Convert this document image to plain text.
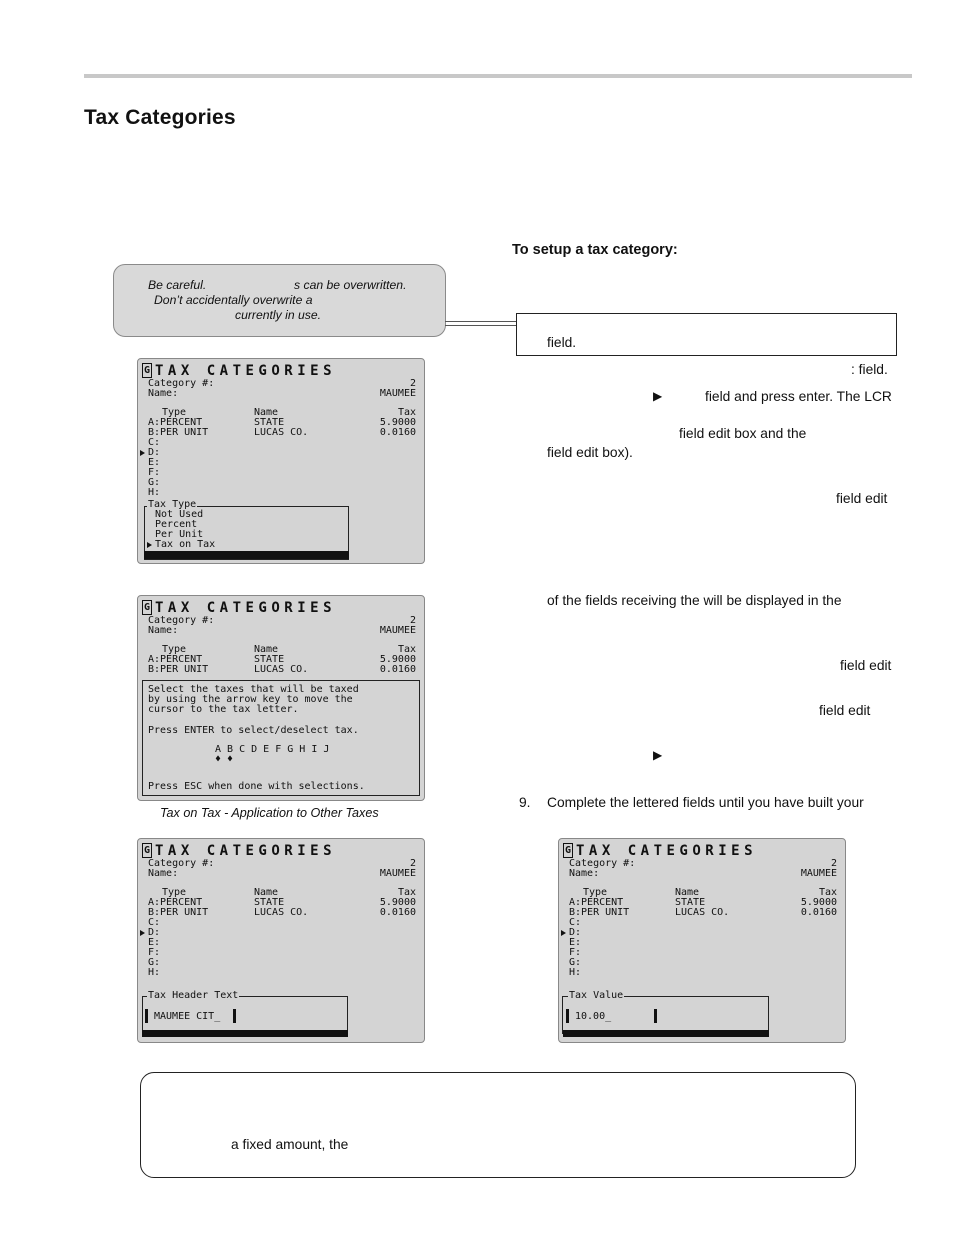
Tax Categories
To setup a tax category:
Be careful.	s can be overwritten.
Don’t accidentally overwrite a
currently in use.
field.
: field.
▶	field and press enter. The LCR
field edit box and the
field edit box).
field edit
of the fields receiving the will be displayed in the
field edit
field edit
▶
9. Complete the lettered fields until you have built your
G TAX CATEGORIES
Category #:	2
Name:	MAUMEE
Type	Name	Tax
A:PERCENT	STATE	5.9000
B:PER UNIT	LUCAS CO.	0.0160
C:
D:
E:
F:
G:
H:
Tax Type
Not Used
Percent
Per Unit
Tax on Tax
G TAX CATEGORIES
Category #:	2
Name:	MAUMEE
Type	Name	Tax
A:PERCENT	STATE	5.9000
B:PER UNIT	LUCAS CO.	0.0160
Select the taxes that will be taxed
by using the arrow key to move the
cursor to the tax letter.
Press ENTER to select/deselect tax.
A B C D E F G H I J
♦ ♦
Press ESC when done with selections.
Tax on Tax - Application to Other Taxes
G TAX CATEGORIES
Category #:	2
Name:	MAUMEE
Type	Name	Tax
A:PERCENT	STATE	5.9000
B:PER UNIT	LUCAS CO.	0.0160
C:
D:
E:
F:
G:
H:
Tax Header Text
MAUMEE CIT_
G TAX CATEGORIES
Category #:	2
Name:	MAUMEE
Type	Name	Tax
A:PERCENT	STATE	5.9000
B:PER UNIT	LUCAS CO.	0.0160
C:
D:
E:
F:
G:
H:
Tax Value
10.00_
a fixed amount, the
